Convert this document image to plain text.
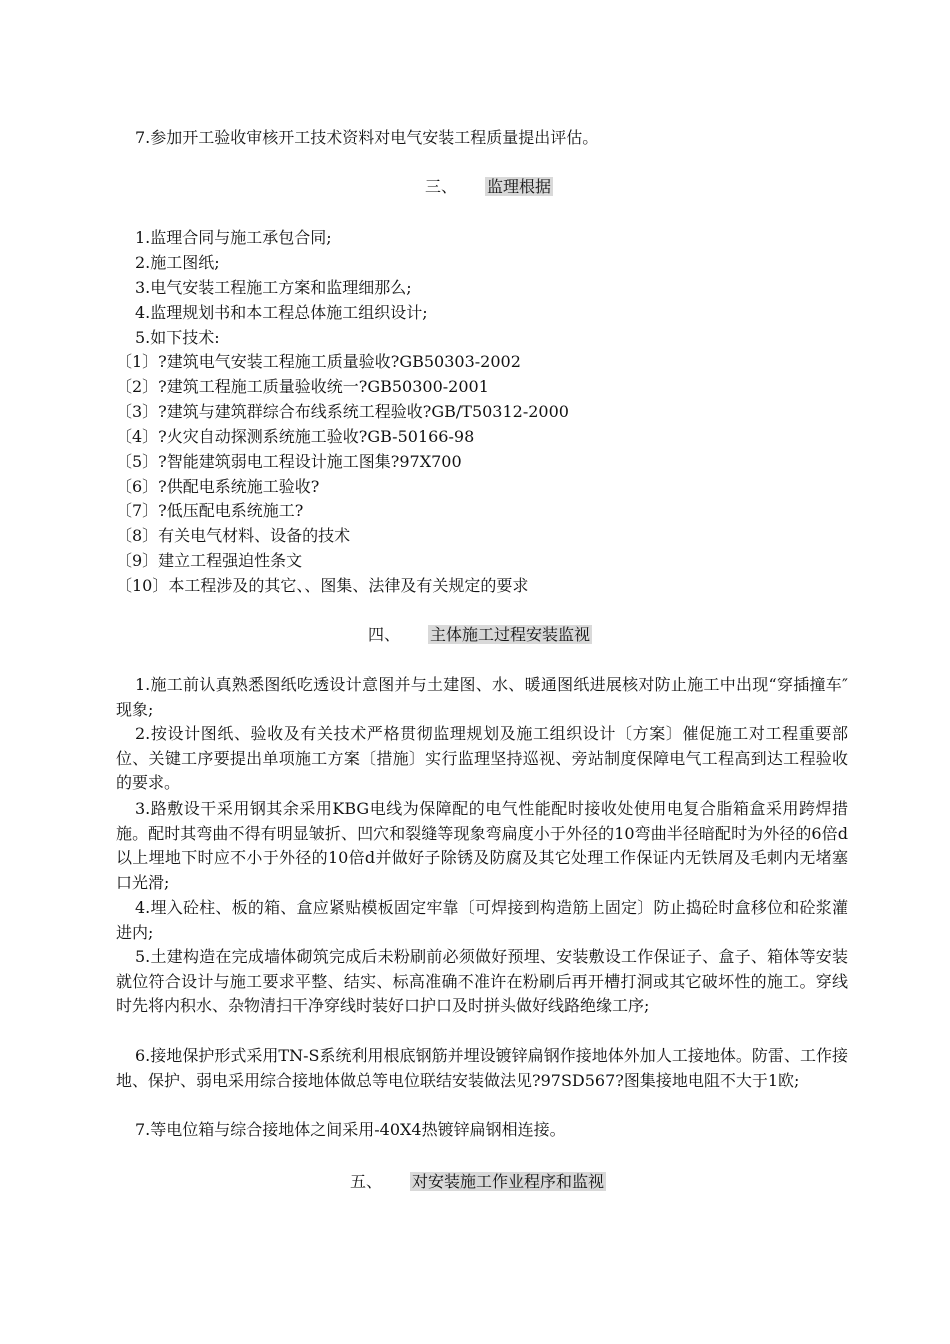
7.参加开工验收审核开工技术资料对电气安装工程质量提出评估。
三、 监理根据
1.监理合同与施工承包合同;
2.施工图纸;
3.电气安装工程施工方案和监理细那么;
4.监理规划书和本工程总体施工组织设计;
5.如下技术:
〔1〕?建筑电气安装工程施工质量验收?GB50303-2002
〔2〕?建筑工程施工质量验收统一?GB50300-2001
〔3〕?建筑与建筑群综合布线系统工程验收?GB/T50312-2000
〔4〕?火灾自动探测系统施工验收?GB-50166-98
〔5〕?智能建筑弱电工程设计施工图集?97X700
〔6〕?供配电系统施工验收?
〔7〕?低压配电系统施工?
〔8〕有关电气材料、设备的技术
〔9〕建立工程强迫性条文
〔10〕本工程涉及的其它、、图集、法律及有关规定的要求
四、 主体施工过程安装监视
1.施工前认真熟悉图纸吃透设计意图并与土建图、水、暖通图纸进展核对防止施工中出现“穿插撞车″现象;
2.按设计图纸、验收及有关技术严格贯彻监理规划及施工组织设计〔方案〕催促施工对工程重要部位、关键工序要提出单项施工方案〔措施〕实行监理坚持巡视、旁站制度保障电气工程高到达工程验收的要求。
3.路敷设干采用钢其余采用KBG电线为保障配的电气性能配时接收处使用电复合脂箱盒采用跨焊措施。配时其弯曲不得有明显皱折、凹穴和裂缝等现象弯扁度小于外径的10弯曲半径暗配时为外径的6倍d以上埋地下时应不小于外径的10倍d并做好子除锈及防腐及其它处理工作保证内无铁屑及毛刺内无堵塞口光滑;
4.埋入砼柱、板的箱、盒应紧贴模板固定牢靠〔可焊接到构造筋上固定〕防止捣砼时盒移位和砼浆灌进内;
5.土建构造在完成墙体砌筑完成后未粉刷前必须做好预埋、安装敷设工作保证子、盒子、箱体等安装就位符合设计与施工要求平整、结实、标高准确不准许在粉刷后再开槽打洞或其它破坏性的施工。穿线时先将内积水、杂物清扫干净穿线时装好口护口及时拼头做好线路绝缘工序;
6.接地保护形式采用TN-S系统利用根底钢筋并埋设镀锌扁钢作接地体外加人工接地体。防雷、工作接地、保护、弱电采用综合接地体做总等电位联结安装做法见?97SD567?图集接地电阻不大于1欧;
7.等电位箱与综合接地体之间采用-40X4热镀锌扁钢相连接。
五、 对安装施工作业程序和监视
